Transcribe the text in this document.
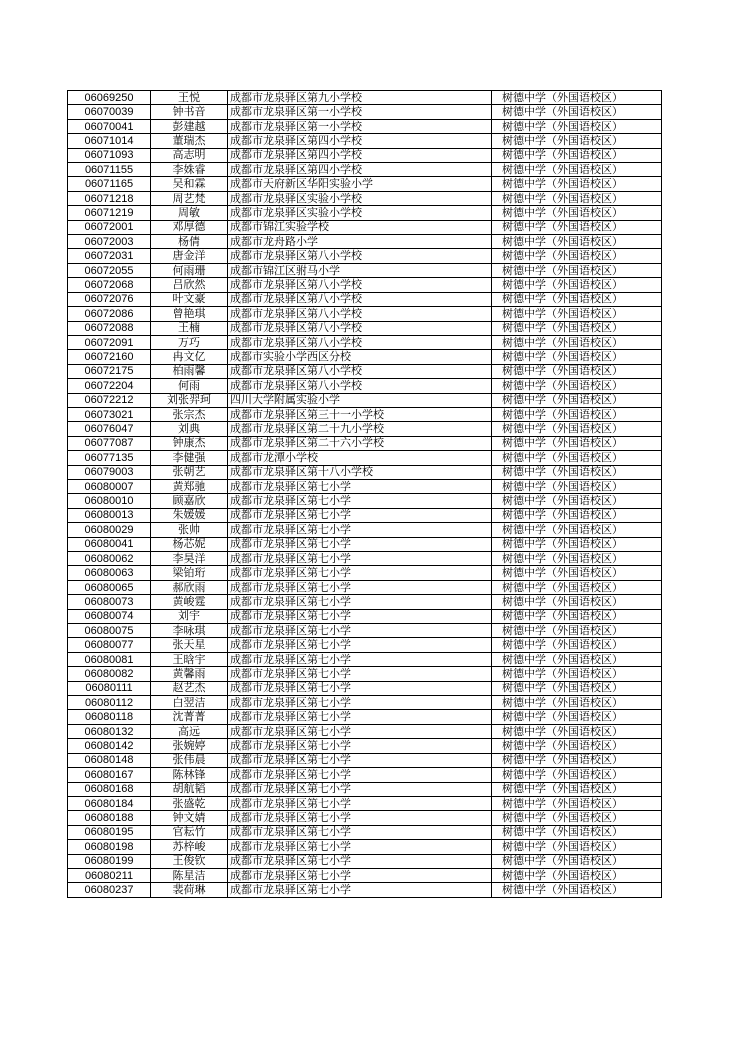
06069250	王悦	成都市龙泉驿区第九小学校	树德中学（外国语校区）
06070039	钟书音	成都市龙泉驿区第一小学校	树德中学（外国语校区）
06070041	彭建越	成都市龙泉驿区第一小学校	树德中学（外国语校区）
06071014	董瑞杰	成都市龙泉驿区第四小学校	树德中学（外国语校区）
06071093	高志明	成都市龙泉驿区第四小学校	树德中学（外国语校区）
06071155	李姝睿	成都市龙泉驿区第四小学校	树德中学（外国语校区）
06071165	吴和霖	成都市天府新区华阳实验小学	树德中学（外国语校区）
06071218	周艺梵	成都市龙泉驿区实验小学校	树德中学（外国语校区）
06071219	周敏	成都市龙泉驿区实验小学校	树德中学（外国语校区）
06072001	邓厚德	成都市锦江实验学校	树德中学（外国语校区）
06072003	杨倩	成都市龙舟路小学	树德中学（外国语校区）
06072031	唐金洋	成都市龙泉驿区第八小学校	树德中学（外国语校区）
06072055	何雨珊	成都市锦江区驸马小学	树德中学（外国语校区）
06072068	吕欣然	成都市龙泉驿区第八小学校	树德中学（外国语校区）
06072076	叶文豪	成都市龙泉驿区第八小学校	树德中学（外国语校区）
06072086	曾艳琪	成都市龙泉驿区第八小学校	树德中学（外国语校区）
06072088	王楠	成都市龙泉驿区第八小学校	树德中学（外国语校区）
06072091	万巧	成都市龙泉驿区第八小学校	树德中学（外国语校区）
06072160	冉文亿	成都市实验小学西区分校	树德中学（外国语校区）
06072175	柏雨馨	成都市龙泉驿区第八小学校	树德中学（外国语校区）
06072204	何雨	成都市龙泉驿区第八小学校	树德中学（外国语校区）
06072212	刘张羿珂	四川大学附属实验小学	树德中学（外国语校区）
06073021	张宗杰	成都市龙泉驿区第三十一小学校	树德中学（外国语校区）
06076047	刘典	成都市龙泉驿区第二十九小学校	树德中学（外国语校区）
06077087	钟康杰	成都市龙泉驿区第二十六小学校	树德中学（外国语校区）
06077135	李健强	成都市龙潭小学校	树德中学（外国语校区）
06079003	张朝艺	成都市龙泉驿区第十八小学校	树德中学（外国语校区）
06080007	黄郑驰	成都市龙泉驿区第七小学	树德中学（外国语校区）
06080010	顾嘉欣	成都市龙泉驿区第七小学	树德中学（外国语校区）
06080013	朱媛媛	成都市龙泉驿区第七小学	树德中学（外国语校区）
06080029	张帅	成都市龙泉驿区第七小学	树德中学（外国语校区）
06080041	杨芯妮	成都市龙泉驿区第七小学	树德中学（外国语校区）
06080062	李昊洋	成都市龙泉驿区第七小学	树德中学（外国语校区）
06080063	梁铂珩	成都市龙泉驿区第七小学	树德中学（外国语校区）
06080065	郝欣雨	成都市龙泉驿区第七小学	树德中学（外国语校区）
06080073	黄峻霆	成都市龙泉驿区第七小学	树德中学（外国语校区）
06080074	刘宇	成都市龙泉驿区第七小学	树德中学（外国语校区）
06080075	李咏琪	成都市龙泉驿区第七小学	树德中学（外国语校区）
06080077	张天星	成都市龙泉驿区第七小学	树德中学（外国语校区）
06080081	王晗宇	成都市龙泉驿区第七小学	树德中学（外国语校区）
06080082	黄馨雨	成都市龙泉驿区第七小学	树德中学（外国语校区）
06080111	赵艺杰	成都市龙泉驿区第七小学	树德中学（外国语校区）
06080112	白翌洁	成都市龙泉驿区第七小学	树德中学（外国语校区）
06080118	沈菁菁	成都市龙泉驿区第七小学	树德中学（外国语校区）
06080132	高远	成都市龙泉驿区第七小学	树德中学（外国语校区）
06080142	张婉婷	成都市龙泉驿区第七小学	树德中学（外国语校区）
06080148	张伟晨	成都市龙泉驿区第七小学	树德中学（外国语校区）
06080167	陈林锋	成都市龙泉驿区第七小学	树德中学（外国语校区）
06080168	胡航韬	成都市龙泉驿区第七小学	树德中学（外国语校区）
06080184	张盛乾	成都市龙泉驿区第七小学	树德中学（外国语校区）
06080188	钟文婧	成都市龙泉驿区第七小学	树德中学（外国语校区）
06080195	官耘竹	成都市龙泉驿区第七小学	树德中学（外国语校区）
06080198	苏梓峻	成都市龙泉驿区第七小学	树德中学（外国语校区）
06080199	王俊钦	成都市龙泉驿区第七小学	树德中学（外国语校区）
06080211	陈星洁	成都市龙泉驿区第七小学	树德中学（外国语校区）
06080237	裴荷琳	成都市龙泉驿区第七小学	树德中学（外国语校区）
